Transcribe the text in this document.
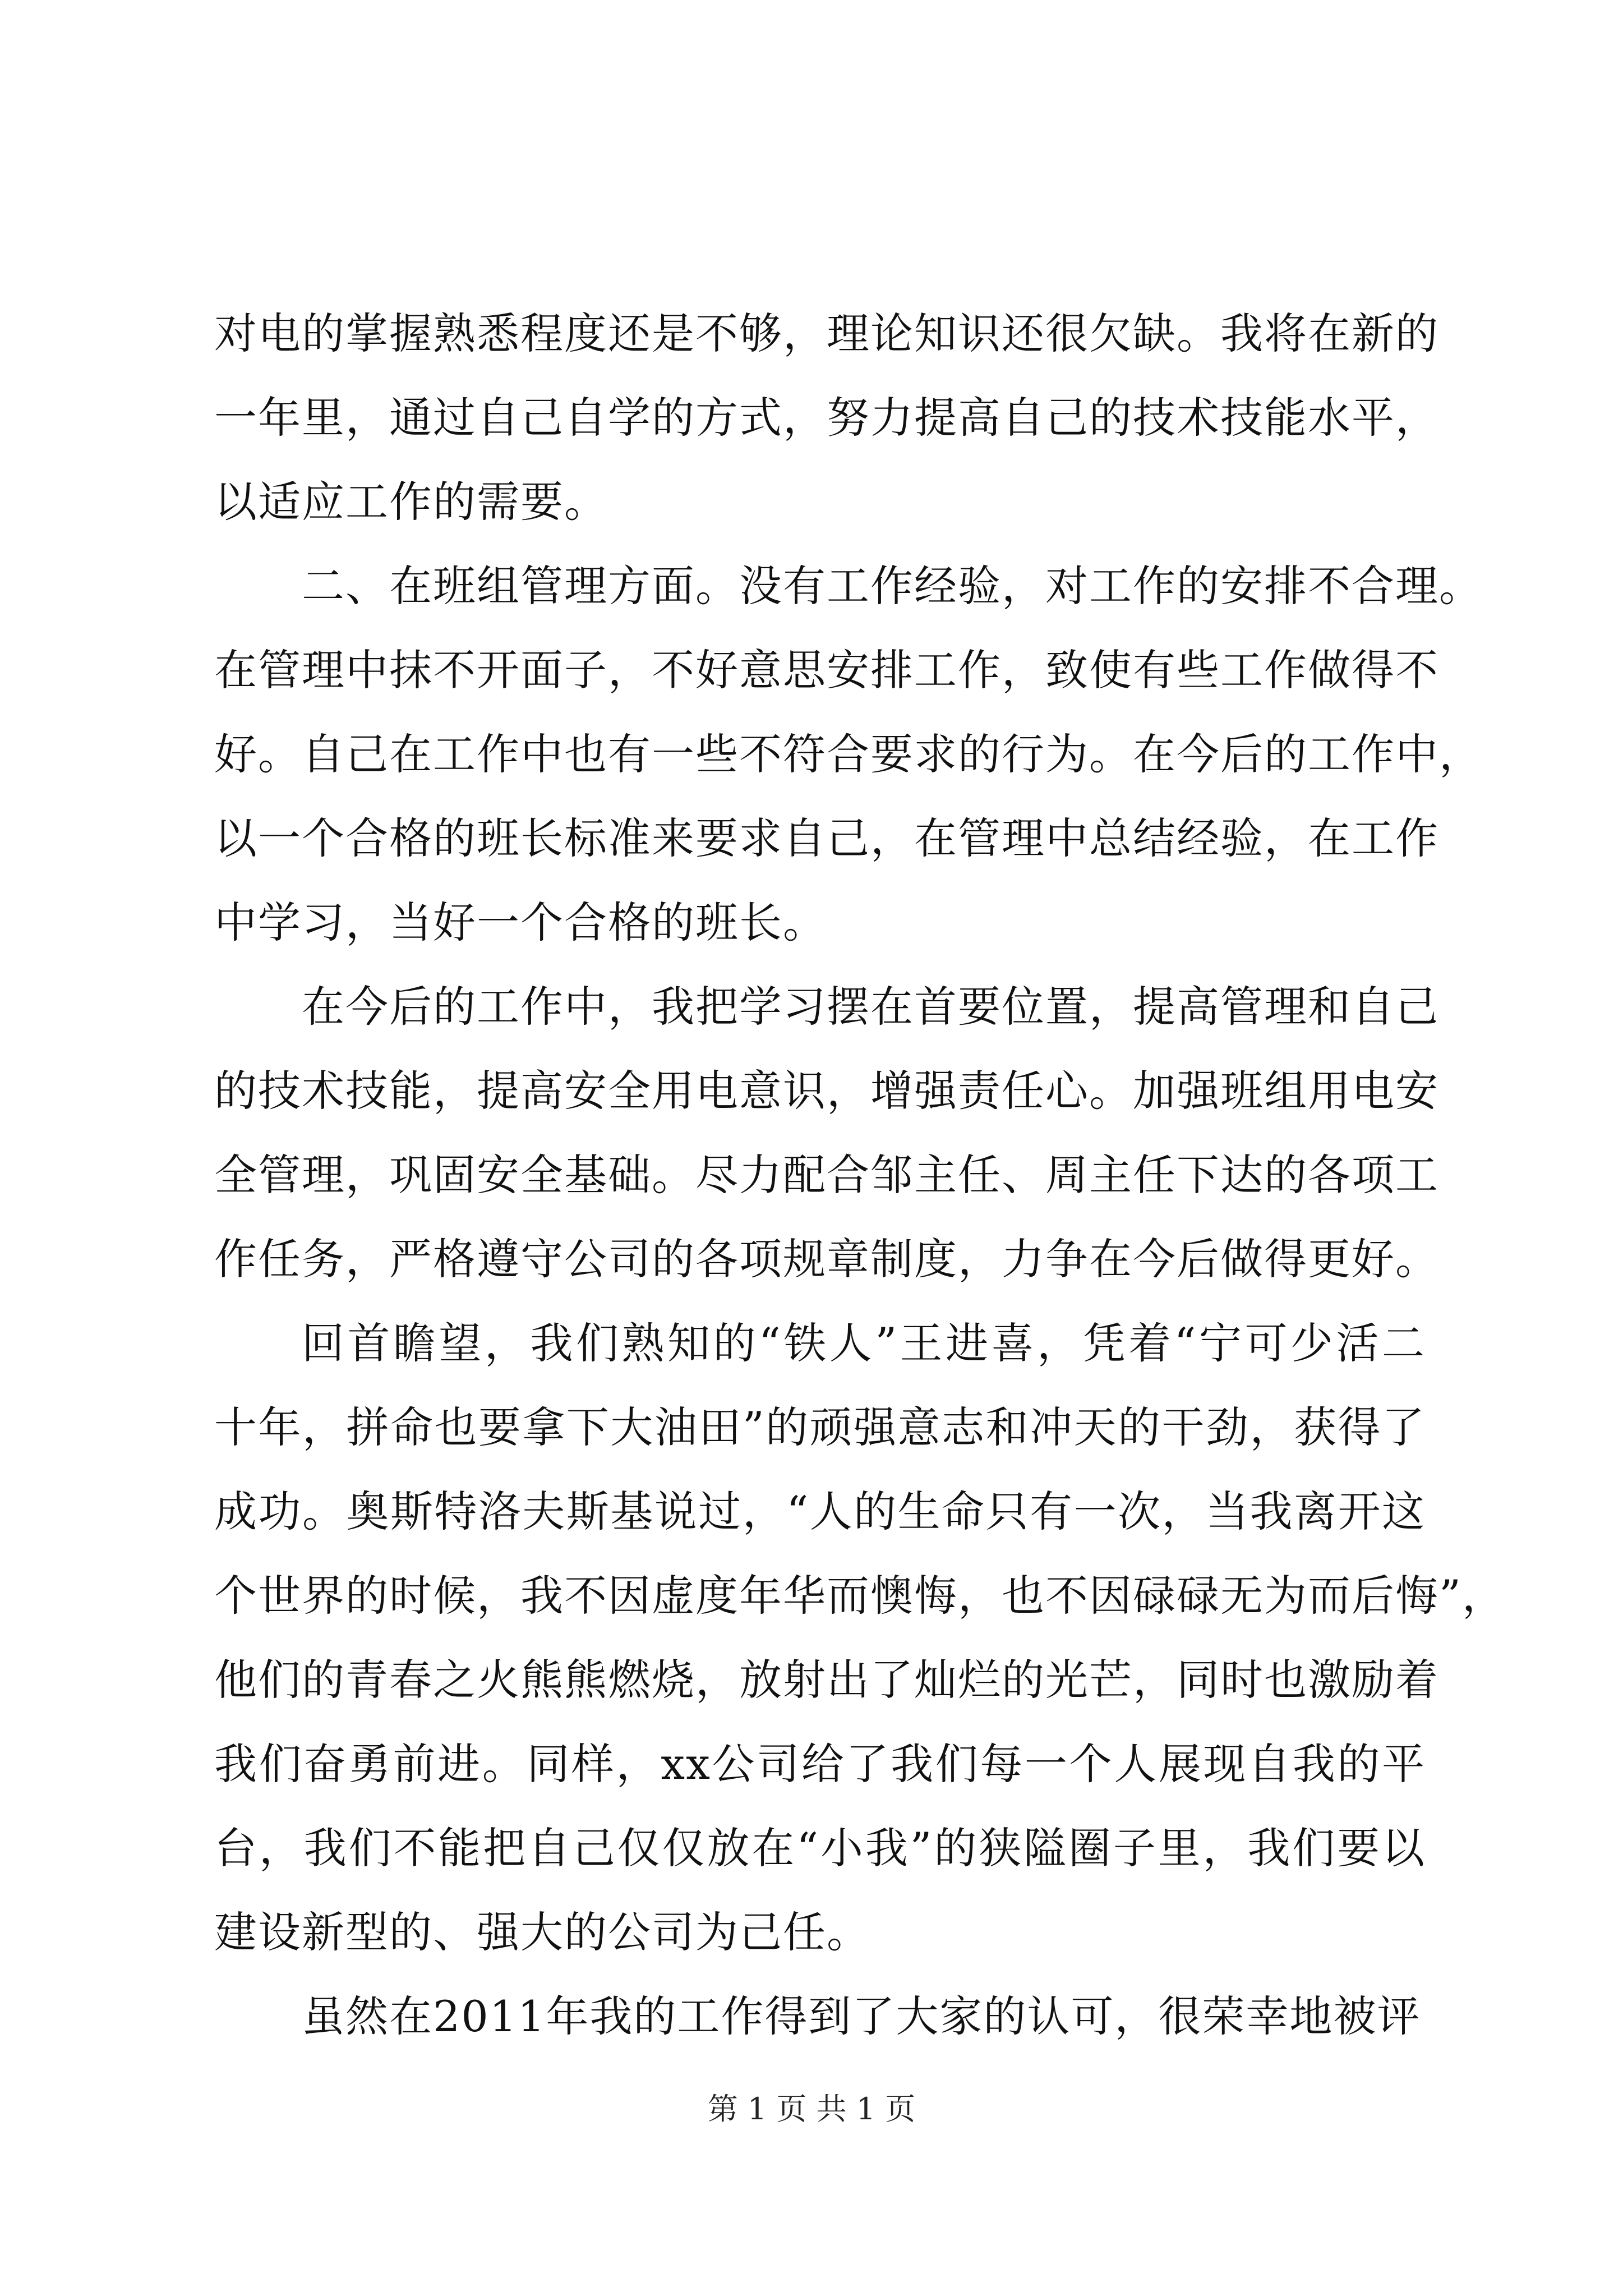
对电的掌握熟悉程度还是不够，理论知识还很欠缺。我将在新的
一年里，通过自己自学的方式，努力提高自己的技术技能水平，
以适应工作的需要。
二、在班组管理方面。没有工作经验，对工作的安排不合理。
在管理中抹不开面子，不好意思安排工作，致使有些工作做得不
好。自己在工作中也有一些不符合要求的行为。在今后的工作中，
以一个合格的班长标准来要求自己，在管理中总结经验，在工作
中学习，当好一个合格的班长。
在今后的工作中，我把学习摆在首要位置，提高管理和自己
的技术技能，提高安全用电意识，增强责任心。加强班组用电安
全管理，巩固安全基础。尽力配合邹主任、周主任下达的各项工
作任务，严格遵守公司的各项规章制度，力争在今后做得更好。
回首瞻望，我们熟知的“铁人”王进喜，凭着“宁可少活二
十年，拼命也要拿下大油田”的顽强意志和冲天的干劲，获得了
成功。奥斯特洛夫斯基说过，“人的生命只有一次，当我离开这
个世界的时候，我不因虚度年华而懊悔，也不因碌碌无为而后悔”，
他们的青春之火熊熊燃烧，放射出了灿烂的光芒，同时也激励着
我们奋勇前进。同样，xx公司给了我们每一个人展现自我的平
台，我们不能把自己仅仅放在“小我”的狭隘圈子里，我们要以
建设新型的、强大的公司为己任。
虽然在2011年我的工作得到了大家的认可，很荣幸地被评
第 1 页 共 1 页
